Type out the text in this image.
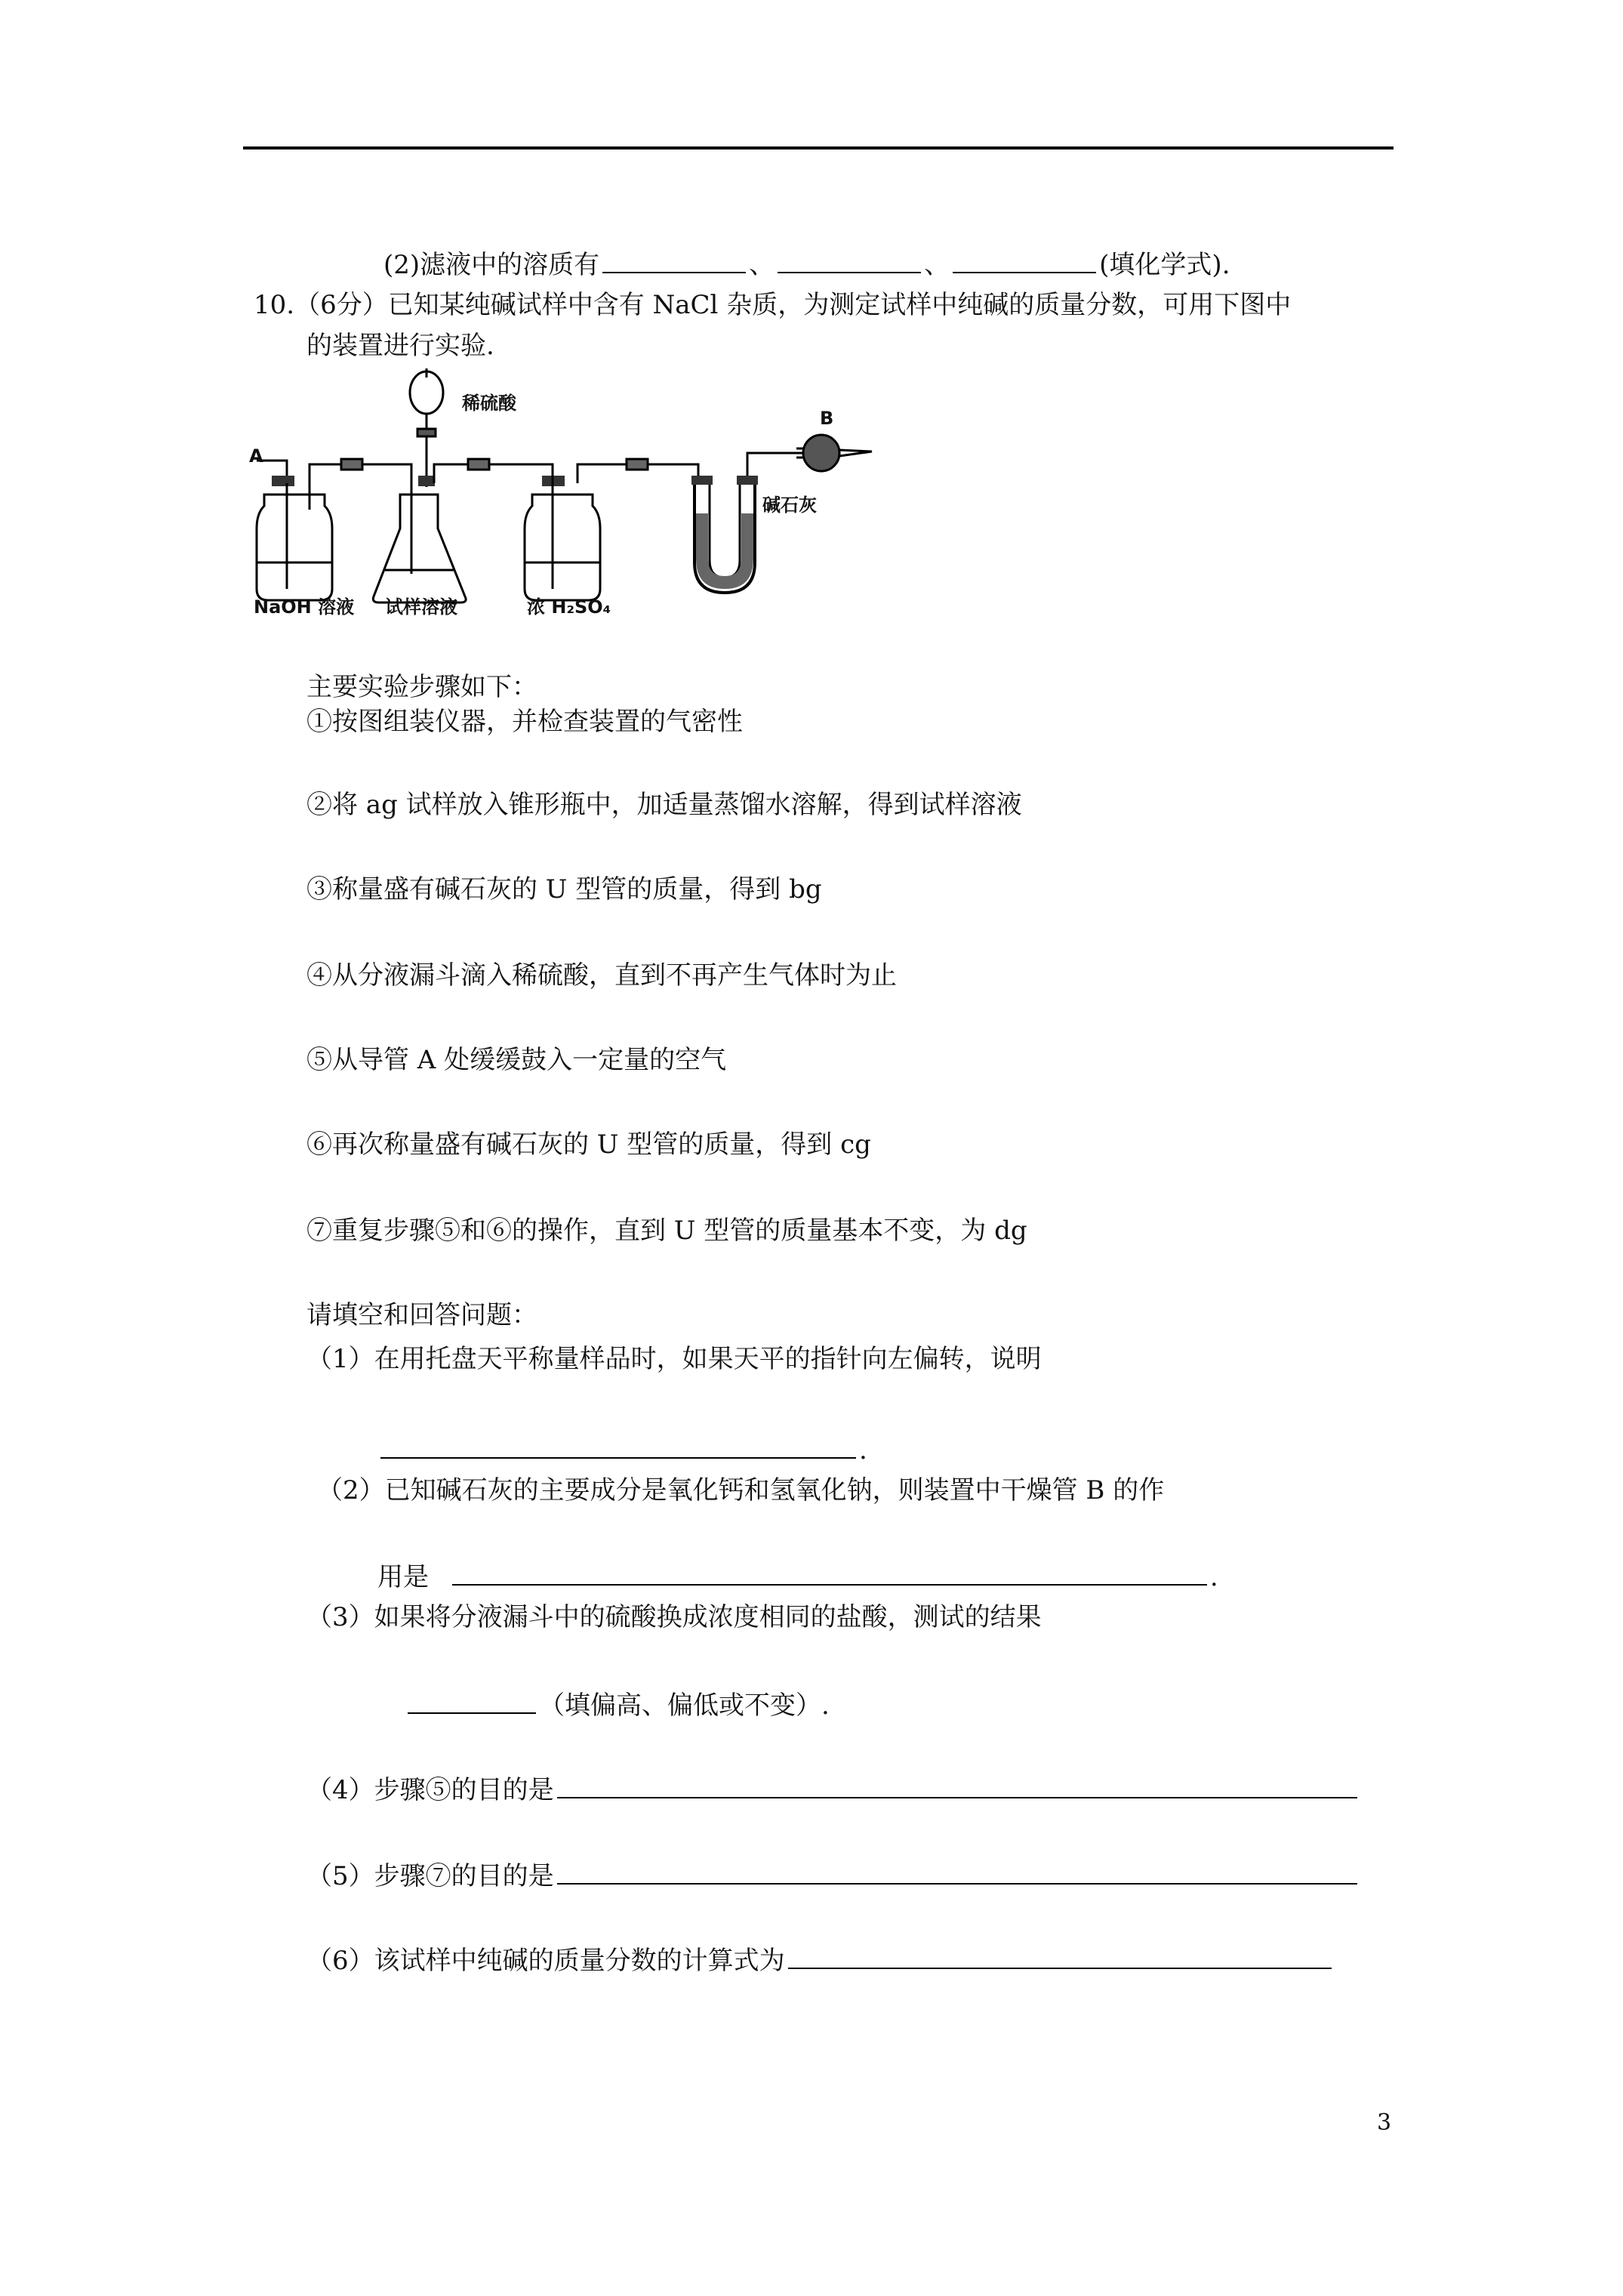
(2)滤液中的溶质有	、	、	(填化学式).
10.（6分）已知某纯碱试样中含有 NaCl 杂质，为测定试样中纯碱的质量分数，可用下图中
的装置进行实验.
A
B
稀硫酸
碱石灰
NaOH 溶液 试样溶液	浓 H₂SO₄
主要实验步骤如下：
①按图组装仪器，并检查装置的气密性
②将 ag 试样放入锥形瓶中，加适量蒸馏水溶解，得到试样溶液
③称量盛有碱石灰的 U 型管的质量，得到 bg
④从分液漏斗滴入稀硫酸，直到不再产生气体时为止
⑤从导管 A 处缓缓鼓入一定量的空气
⑥再次称量盛有碱石灰的 U 型管的质量，得到 cg
⑦重复步骤⑤和⑥的操作，直到 U 型管的质量基本不变，为 dg
请填空和回答问题：
（1）在用托盘天平称量样品时，如果天平的指针向左偏转，说明
.
（2）已知碱石灰的主要成分是氧化钙和氢氧化钠，则装置中干燥管 B 的作
用是	.
（3）如果将分液漏斗中的硫酸换成浓度相同的盐酸，测试的结果
（填偏高、偏低或不变）.
（4）步骤⑤的目的是
（5）步骤⑦的目的是
（6）该试样中纯碱的质量分数的计算式为
3
